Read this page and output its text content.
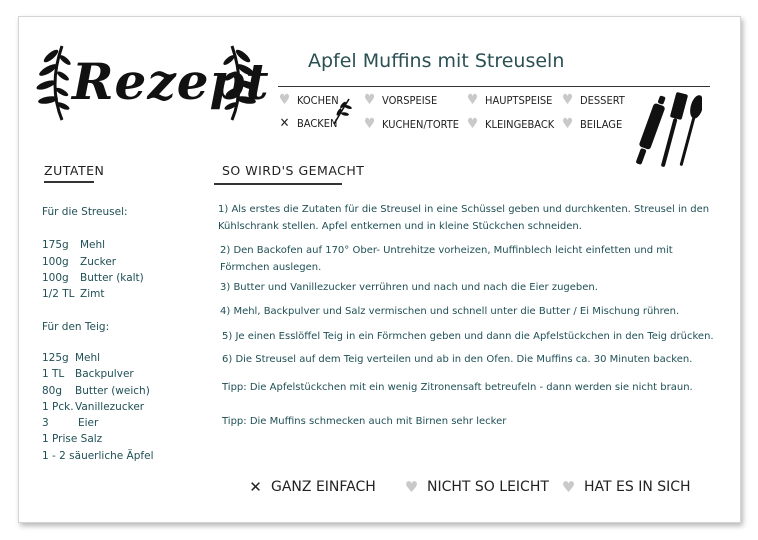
Rezept Apfel Muffins mit Streuseln
♥ KOCHEN ♥ VORSPEISE ♥ HAUPTSPEISE ♥ DESSERT
✕ BACKEN ♥ KUCHEN/TORTE ♥ KLEINGEBACK ♥ BEILAGE
ZUTATEN
Für die Streusel:
175g Mehl
100g Zucker
100g Butter (kalt)
1/2 TL Zimt
Für den Teig:
125g Mehl
1 TL Backpulver
80g Butter (weich)
1 Pck.Vanillezucker
3	Eier
1 Prise Salz
1 - 2 säuerliche Äpfel
SO WIRD'S GEMACHT
1) Als erstes die Zutaten für die Streusel in eine Schüssel geben und durchkenten. Streusel in den Kühlschrank stellen. Apfel entkernen und in kleine Stückchen schneiden.
2) Den Backofen auf 170° Ober- Untrehitze vorheizen, Muffinblech leicht einfetten und mit Förmchen auslegen.
3) Butter und Vanillezucker verrühren und nach und nach die Eier zugeben.
4) Mehl, Backpulver und Salz vermischen und schnell unter die Butter / Ei Mischung rühren.
5) Je einen Esslöffel Teig in ein Förmchen geben und dann die Apfelstückchen in den Teig drücken.
6) Die Streusel auf dem Teig verteilen und ab in den Ofen. Die Muffins ca. 30 Minuten backen.
Tipp: Die Apfelstückchen mit ein wenig Zitronensaft betreufeln - dann werden sie nicht braun.
Tipp: Die Muffins schmecken auch mit Birnen sehr lecker
✕ GANZ EINFACH ♥ NICHT SO LEICHT ♥ HAT ES IN SICH
